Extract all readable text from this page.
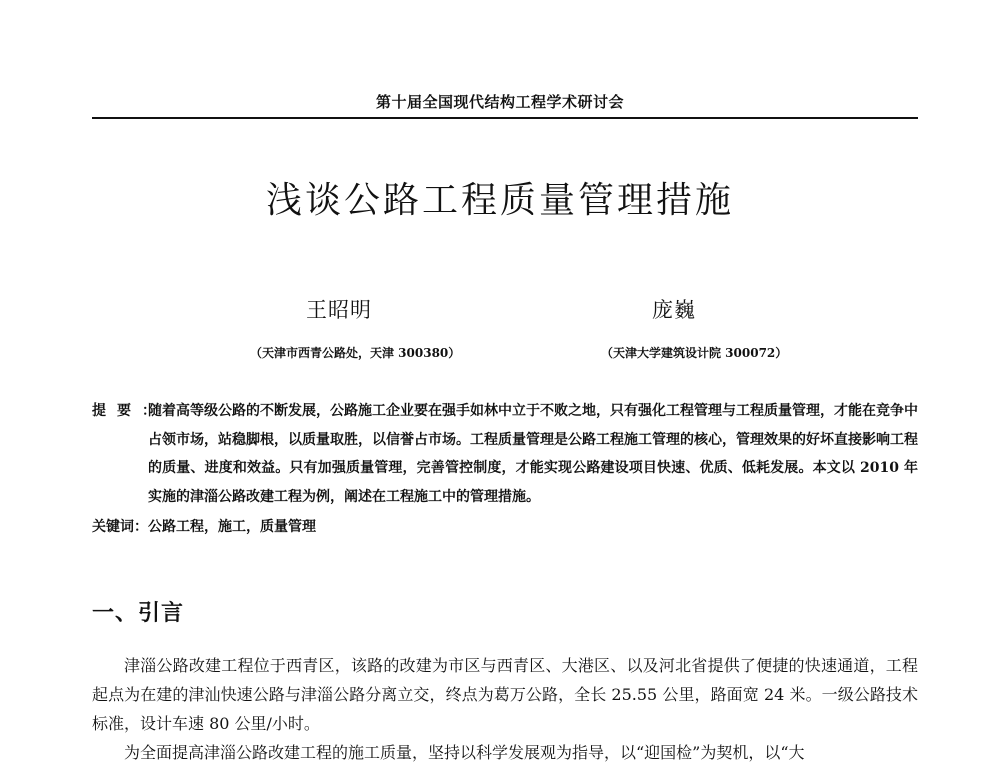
第十届全国现代结构工程学术研讨会
浅谈公路工程质量管理措施
王昭明	庞巍
（天津市西青公路处，天津 300380）	（天津大学建筑设计院 300072）
提要：
随着高等级公路的不断发展，公路施工企业要在强手如林中立于不败之地，只有强化工程管理与工程质量管理，才能在竞争中占领市场，站稳脚根，以质量取胜，以信誉占市场。工程质量管理是公路工程施工管理的核心，管理效果的好坏直接影响工程的质量、进度和效益。只有加强质量管理，完善管控制度，才能实现公路建设项目快速、优质、低耗发展。本文以 2010 年实施的津淄公路改建工程为例，阐述在工程施工中的管理措施。
关键词：公路工程，施工，质量管理
一、引言
津淄公路改建工程位于西青区，该路的改建为市区与西青区、大港区、以及河北省提供了便捷的快速通道，工程起点为在建的津汕快速公路与津淄公路分离立交，终点为葛万公路，全长 25.55 公里，路面宽 24 米。一级公路技术标准，设计车速 80 公里/小时。
为全面提高津淄公路改建工程的施工质量，坚持以科学发展观为指导，以“迎国检”为契机，以“大
